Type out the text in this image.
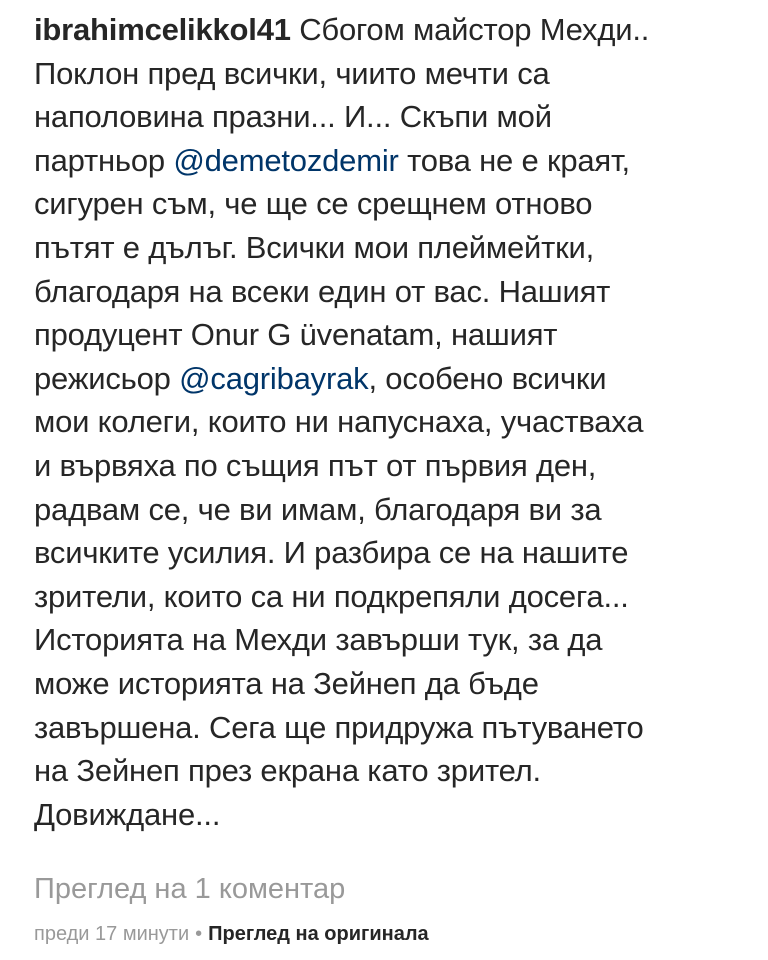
ibrahimcelikkol41 Сбогом майстор Мехди..
Поклон пред всички, чиито мечти са
наполовина празни... И... Скъпи мой
партньор @demetozdemir това не е краят,
сигурен съм, че ще се срещнем отново
пътят е дълъг. Всички мои плеймейтки,
благодаря на всеки един от вас. Нашият
продуцент Onur G üvenatam, нашият
режисьор @cagribayrak, особено всички
мои колеги, които ни напуснаха, участваха
и вървяха по същия път от първия ден,
радвам се, че ви имам, благодаря ви за
всичките усилия. И разбира се на нашите
зрители, които са ни подкрепяли досега...
Историята на Мехди завърши тук, за да
може историята на Зейнеп да бъде
завършена. Сега ще придружа пътуването
на Зейнеп през екрана като зрител.
Довиждане...
Преглед на 1 коментар
преди 17 минути • Преглед на оригинала
